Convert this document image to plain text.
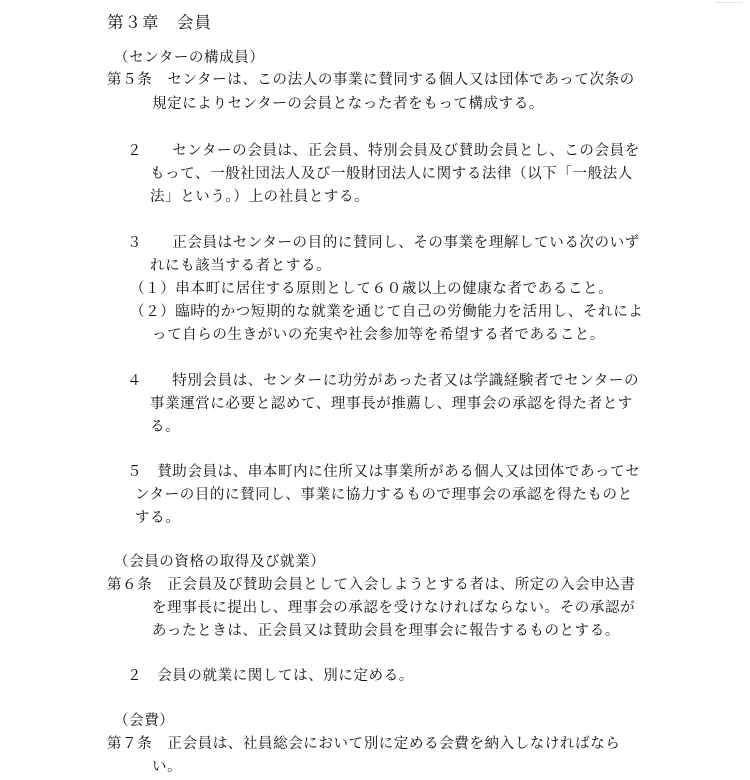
第３章　会員
（センターの構成員）
第５条　センターは、この法人の事業に賛同する個人又は団体であって次条の
規定によりセンターの会員となった者をもって構成する。
２　　センターの会員は、正会員、特別会員及び賛助会員とし、この会員を
もって、一般社団法人及び一般財団法人に関する法律（以下「一般法人
法」という。）上の社員とする。
３　　正会員はセンターの目的に賛同し、その事業を理解している次のいず
れにも該当する者とする。
（１）串本町に居住する原則として６０歳以上の健康な者であること。
（２）臨時的かつ短期的な就業を通じて自己の労働能力を活用し、それによ
って自らの生きがいの充実や社会参加等を希望する者であること。
４　　特別会員は、センターに功労があった者又は学識経験者でセンターの
事業運営に必要と認めて、理事長が推薦し、理事会の承認を得た者とす
る。
５　賛助会員は、串本町内に住所又は事業所がある個人又は団体であってセ
ンターの目的に賛同し、事業に協力するもので理事会の承認を得たものと
する。
（会員の資格の取得及び就業）
第６条　正会員及び賛助会員として入会しようとする者は、所定の入会申込書
を理事長に提出し、理事会の承認を受けなければならない。その承認が
あったときは、正会員又は賛助会員を理事会に報告するものとする。
２　会員の就業に関しては、別に定める。
（会費）
第７条　正会員は、社員総会において別に定める会費を納入しなければなら
い。
